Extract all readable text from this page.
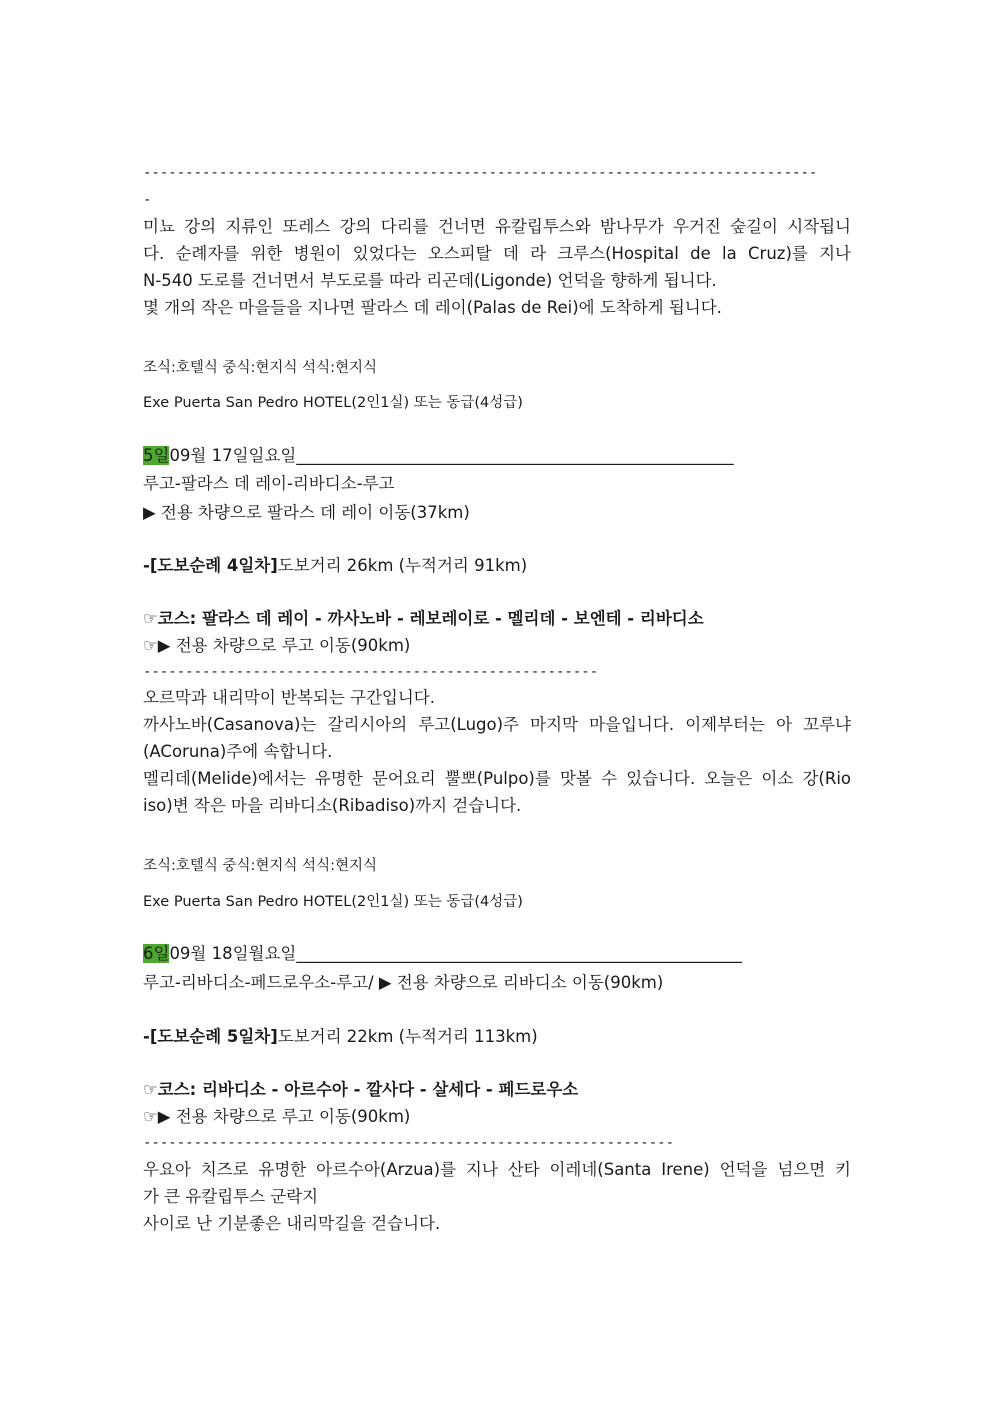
--------------------------------------------------------------------------------
-
미뇨 강의 지류인 또레스 강의 다리를 건너면 유칼립투스와 밤나무가 우거진 숲길이 시작됩니
다. 순례자를 위한 병원이 있었다는 오스피탈 데 라 크루스(Hospital de la Cruz)를 지나
N-540 도로를 건너면서 부도로를 따라 리곤데(Ligonde) 언덕을 향하게 됩니다.
몇 개의 작은 마을들을 지나면 팔라스 데 레이(Palas de Rei)에 도착하게 됩니다.
조식:호텔식 중식:현지식 석식:현지식
Exe Puerta San Pedro HOTEL(2인1실) 또는 동급(4성급)
5일09월 17일일요일_____________________________________________________
루고-팔라스 데 레이-리바디소-루고
▶ 전용 차량으로 팔라스 데 레이 이동(37km)
-[도보순례 4일차]도보거리 26km (누적거리 91km)
☞코스: 팔라스 데 레이 - 까사노바 - 레보레이로 - 멜리데 - 보엔테 - 리바디소
☞▶ 전용 차량으로 루고 이동(90km)
------------------------------------------------------
오르막과 내리막이 반복되는 구간입니다.
까사노바(Casanova)는 갈리시아의 루고(Lugo)주 마지막 마을입니다. 이제부터는 아 꼬루냐
(ACoruna)주에 속합니다.
멜리데(Melide)에서는 유명한 문어요리 뿔뽀(Pulpo)를 맛볼 수 있습니다. 오늘은 이소 강(Rio
iso)변 작은 마을 리바디소(Ribadiso)까지 걷습니다.
조식:호텔식 중식:현지식 석식:현지식
Exe Puerta San Pedro HOTEL(2인1실) 또는 동급(4성급)
6일09월 18일월요일______________________________________________________
루고-리바디소-페드로우소-루고/ ▶ 전용 차량으로 리바디소 이동(90km)
-[도보순례 5일차]도보거리 22km (누적거리 113km)
☞코스: 리바디소 - 아르수아 - 깔사다 - 살세다 - 페드로우소
☞▶ 전용 차량으로 루고 이동(90km)
---------------------------------------------------------------
우요아 치즈로 유명한 아르수아(Arzua)를 지나 산타 이레네(Santa Irene) 언덕을 넘으면 키
가 큰 유칼립투스 군락지
사이로 난 기분좋은 내리막길을 걷습니다.
